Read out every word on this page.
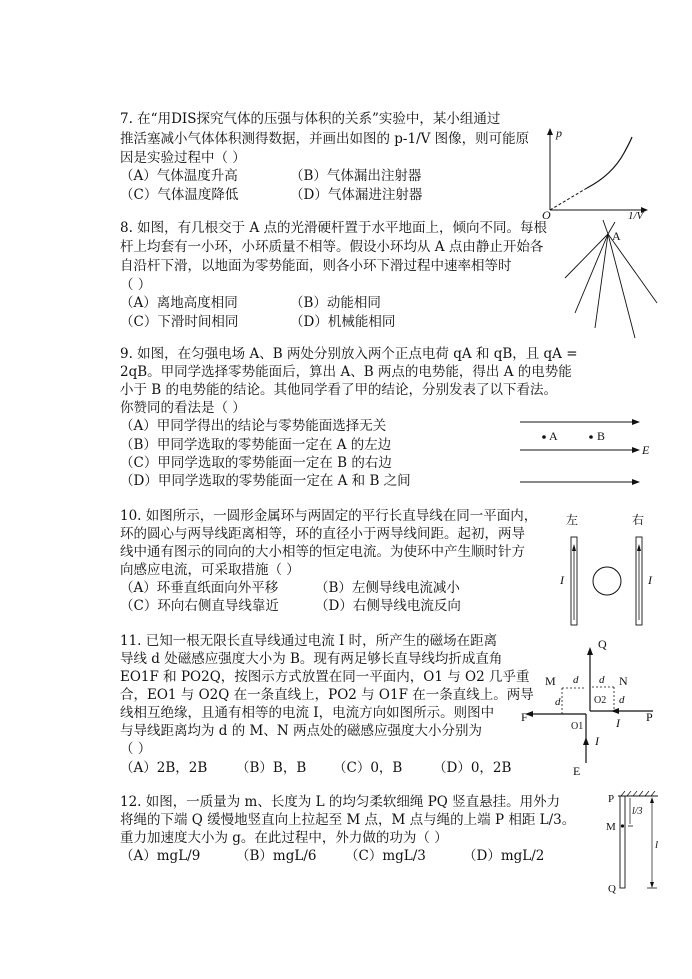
7. 在“用DIS探究气体的压强与体积的关系”实验中，某小组通过
推活塞减小气体体积测得数据，并画出如图的 p-1/V 图像，则可能原
因是实验过程中（ ）
（A）气体温度升高	（B）气体漏出注射器
（C）气体温度降低	（D）气体漏进注射器
p
O	1/V
8. 如图，有几根交于 A 点的光滑硬杆置于水平地面上，倾向不同。每根
杆上均套有一小环，小环质量不相等。假设小环均从 A 点由静止开始各
自沿杆下滑，以地面为零势能面，则各小环下滑过程中速率相等时
（ ）
（A）离地高度相同	（B）动能相同
（C）下滑时间相同	（D）机械能相同
A
9. 如图，在匀强电场 A、B 两处分别放入两个正点电荷 qA 和 qB，且 qA =
2qB。甲同学选择零势能面后，算出 A、B 两点的电势能，得出 A 的电势能
小于 B 的电势能的结论。其他同学看了甲的结论，分别发表了以下看法。
你赞同的看法是（ ）
（A）甲同学得出的结论与零势能面选择无关
（B）甲同学选取的零势能面一定在 A 的左边
（C）甲同学选取的零势能面一定在 B 的右边
（D）甲同学选取的零势能面一定在 A 和 B 之间
A	B
E
10. 如图所示，一圆形金属环与两固定的平行长直导线在同一平面内，
环的圆心与两导线距离相等，环的直径小于两导线间距。起初，两导
线中通有图示的同向的大小相等的恒定电流。为使环中产生顺时针方
向感应电流，可采取措施（ ）
（A）环垂直纸面向外平移	（B）左侧导线电流减小
（C）环向右侧直导线靠近	（D）右侧导线电流反向
左	右
I	I
11. 已知一根无限长直导线通过电流 I 时，所产生的磁场在距离
导线 d 处磁感应强度大小为 B。现有两足够长直导线均折成直角
EO1F 和 PO2Q，按图示方式放置在同一平面内，O1 与 O2 几乎重
合，EO1 与 O2Q 在一条直线上，PO2 与 O1F 在一条直线上。两导
线相互绝缘，且通有相等的电流 I，电流方向如图所示。则图中
与导线距离均为 d 的 M、N 两点处的磁感应强度大小分别为
（ ）
（A）2B，2B （B）B，B （C）0，B （D）0，2B
Q
M	N
d d
d	d
O2
O1
F	P
E
I
I
12. 如图，一质量为 m、长度为 L 的均匀柔软细绳 PQ 竖直悬挂。用外力
将绳的下端 Q 缓慢地竖直向上拉起至 M 点，M 点与绳的上端 P 相距 L/3。
重力加速度大小为 g。在此过程中，外力做的功为（ ）
（A）mgL/9	（B）mgL/6 （C）mgL/3	（D）mgL/2
P
M
Q
l/3
l
